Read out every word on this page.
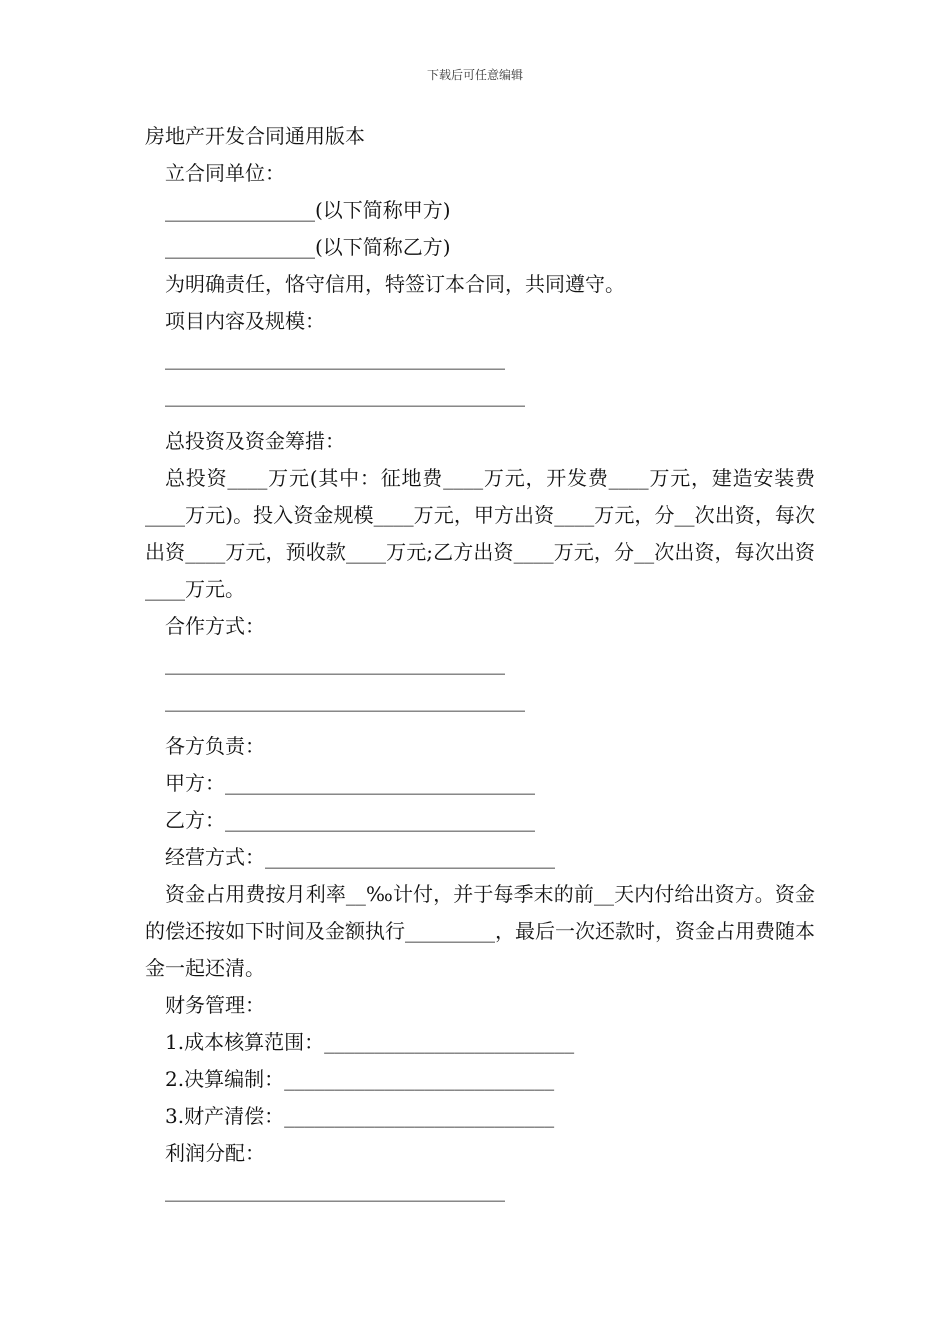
下载后可任意编辑

房地产开发合同通用版本

立合同单位：

_______________(以下简称甲方)

_______________(以下简称乙方)

为明确责任，恪守信用，特签订本合同，共同遵守。

项目内容及规模：

__________________________________

____________________________________

总投资及资金筹措：

总投资____万元(其中：征地费____万元，开发费____万元，建造安装费____万元)。投入资金规模____万元，甲方出资____万元，分__次出资，每次出资____万元，预收款____万元;乙方出资____万元，分__次出资，每次出资____万元。

合作方式：

__________________________________

____________________________________

各方负责：

甲方：_______________________________

乙方：_______________________________

经营方式：_____________________________

资金占用费按月利率__‰计付，并于每季末的前__天内付给出资方。资金的偿还按如下时间及金额执行_________，最后一次还款时，资金占用费随本金一起还清。

财务管理：

1.成本核算范围：_________________________

2.决算编制：___________________________

3.财产清偿：___________________________

利润分配：

__________________________________
